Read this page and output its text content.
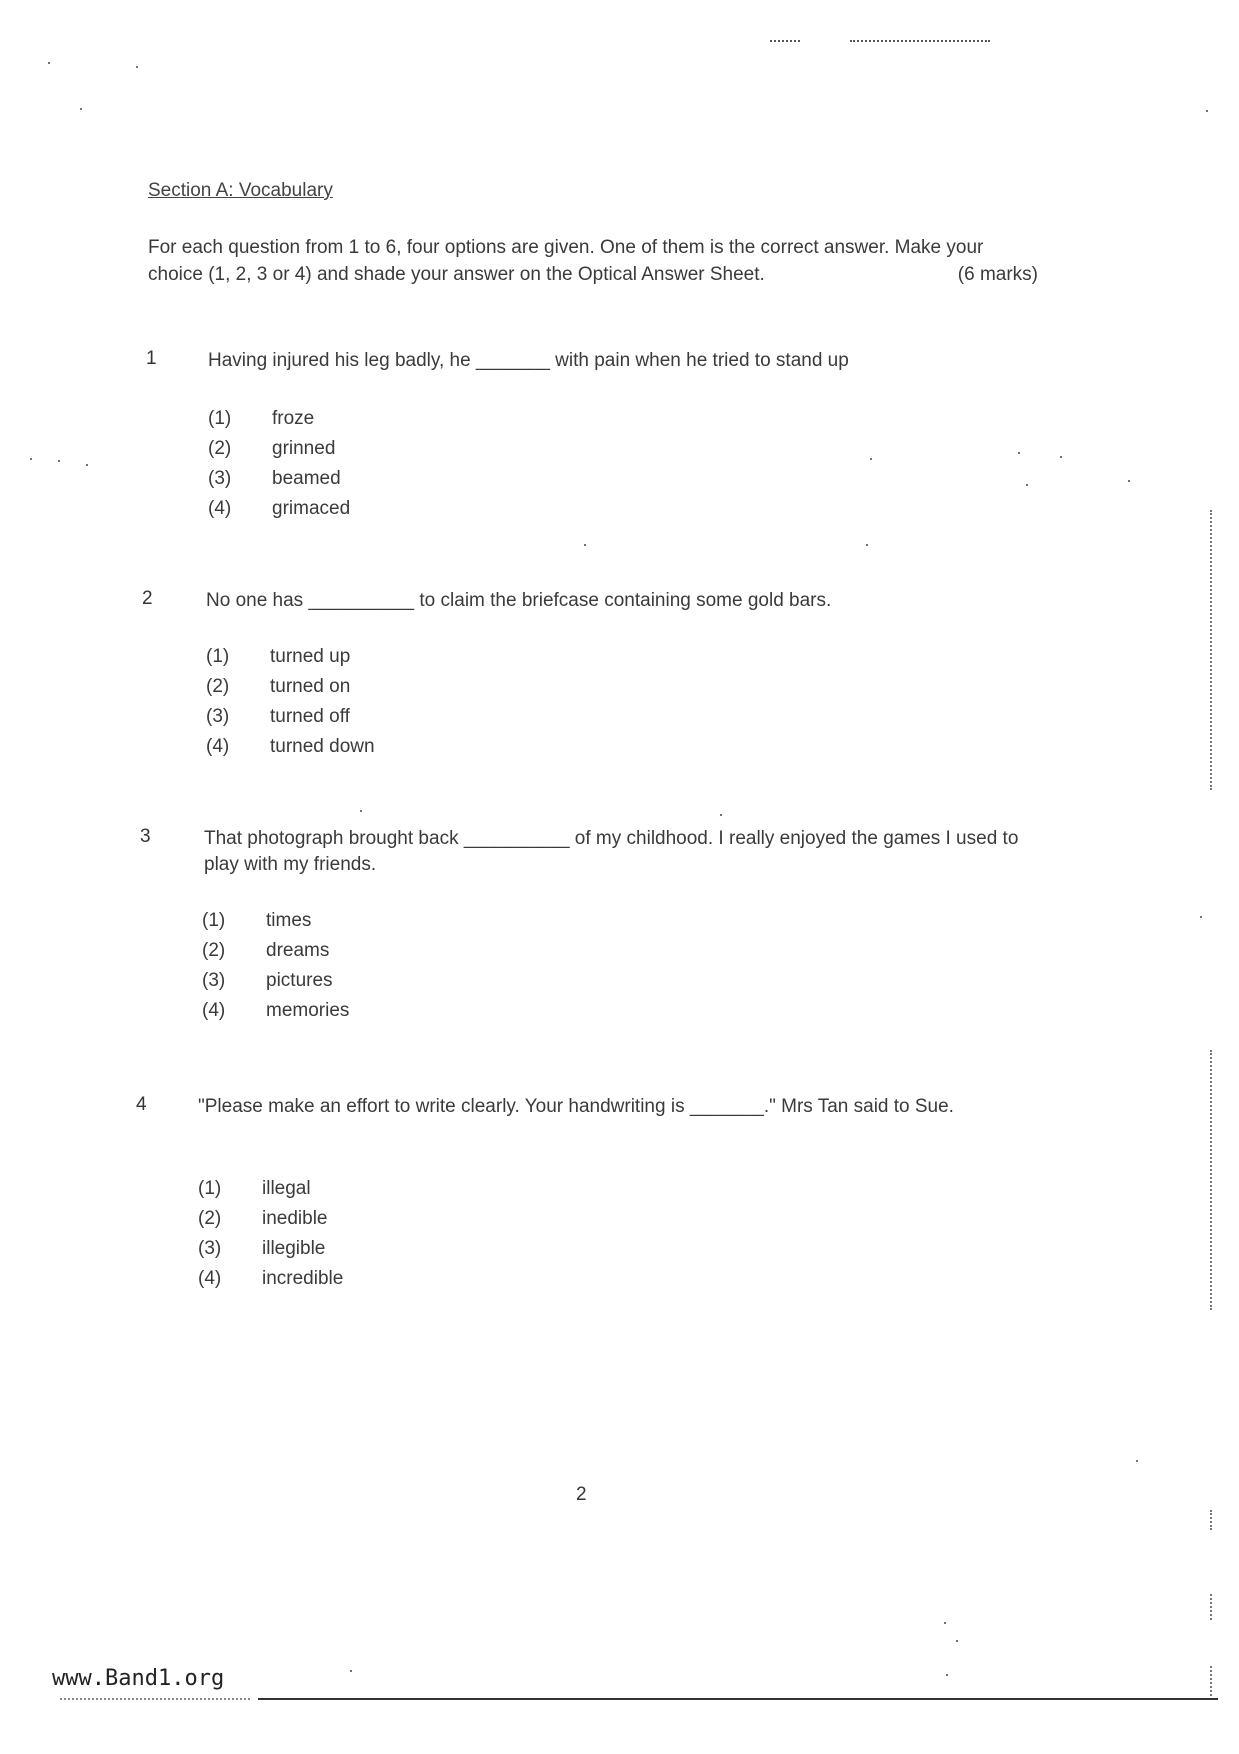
Section A: Vocabulary
For each question from 1 to 6, four options are given. One of them is the correct answer. Make your choice (1, 2, 3 or 4) and shade your answer on the Optical Answer Sheet.	(6 marks)
1	Having injured his leg badly, he _______ with pain when he tried to stand up
(1)	froze
(2)	grinned
(3)	beamed
(4)	grimaced
2	No one has __________ to claim the briefcase containing some gold bars.
(1)	turned up
(2)	turned on
(3)	turned off
(4)	turned down
3	That photograph brought back __________ of my childhood. I really enjoyed the games I used to play with my friends.
(1)	times
(2)	dreams
(3)	pictures
(4)	memories
4	"Please make an effort to write clearly. Your handwriting is _______." Mrs Tan said to Sue.
(1)	illegal
(2)	inedible
(3)	illegible
(4)	incredible
2
www.Band1.org
